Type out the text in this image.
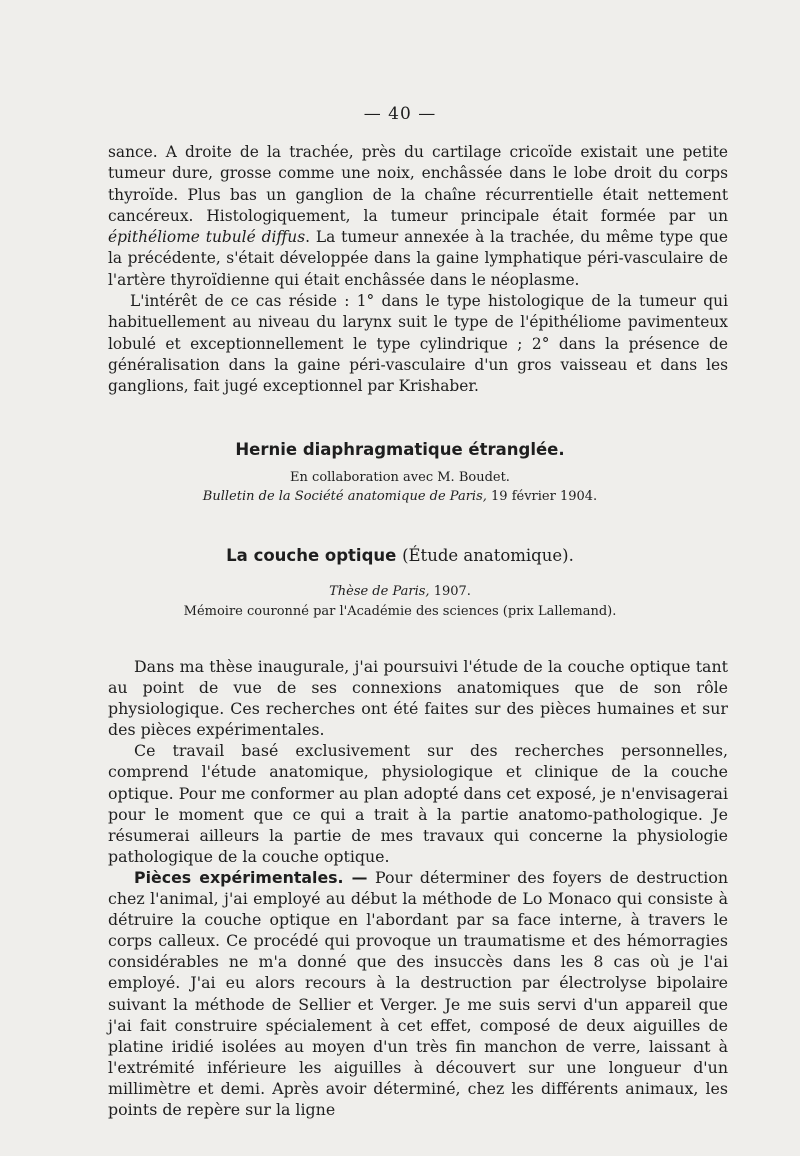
— 40 —

sance. A droite de la trachée, près du cartilage cricoïde existait une petite tumeur dure, grosse comme une noix, enchâssée dans le lobe droit du corps thyroïde. Plus bas un ganglion de la chaîne récurrentielle était nettement cancéreux. Histologiquement, la tumeur principale était formée par un épithéliome tubulé diffus. La tumeur annexée à la trachée, du même type que la précédente, s'était développée dans la gaine lymphatique péri-vasculaire de l'artère thyroïdienne qui était enchâssée dans le néoplasme.

L'intérêt de ce cas réside : 1° dans le type histologique de la tumeur qui habituellement au niveau du larynx suit le type de l'épithéliome pavimenteux lobulé et exceptionnellement le type cylindrique ; 2° dans la présence de généralisation dans la gaine péri-vasculaire d'un gros vaisseau et dans les ganglions, fait jugé exceptionnel par Krishaber.

Hernie diaphragmatique étranglée.
En collaboration avec M. Boudet.
Bulletin de la Société anatomique de Paris, 19 février 1904.
La couche optique (Étude anatomique).
Thèse de Paris, 1907.
Mémoire couronné par l'Académie des sciences (prix Lallemand).

Dans ma thèse inaugurale, j'ai poursuivi l'étude de la couche optique tant au point de vue de ses connexions anatomiques que de son rôle physiologique. Ces recherches ont été faites sur des pièces humaines et sur des pièces expérimentales.

Ce travail basé exclusivement sur des recherches personnelles, comprend l'étude anatomique, physiologique et clinique de la couche optique. Pour me conformer au plan adopté dans cet exposé, je n'envisagerai pour le moment que ce qui a trait à la partie anatomo-pathologique. Je résumerai ailleurs la partie de mes travaux qui concerne la physiologie pathologique de la couche optique.

Pièces expérimentales. — Pour déterminer des foyers de destruction chez l'animal, j'ai employé au début la méthode de Lo Monaco qui consiste à détruire la couche optique en l'abordant par sa face interne, à travers le corps calleux. Ce procédé qui provoque un traumatisme et des hémorragies considérables ne m'a donné que des insuccès dans les 8 cas où je l'ai employé. J'ai eu alors recours à la destruction par électrolyse bipolaire suivant la méthode de Sellier et Verger. Je me suis servi d'un appareil que j'ai fait construire spécialement à cet effet, composé de deux aiguilles de platine iridié isolées au moyen d'un très fin manchon de verre, laissant à l'extrémité inférieure les aiguilles à découvert sur une longueur d'un millimètre et demi. Après avoir déterminé, chez les différents animaux, les points de repère sur la ligne
